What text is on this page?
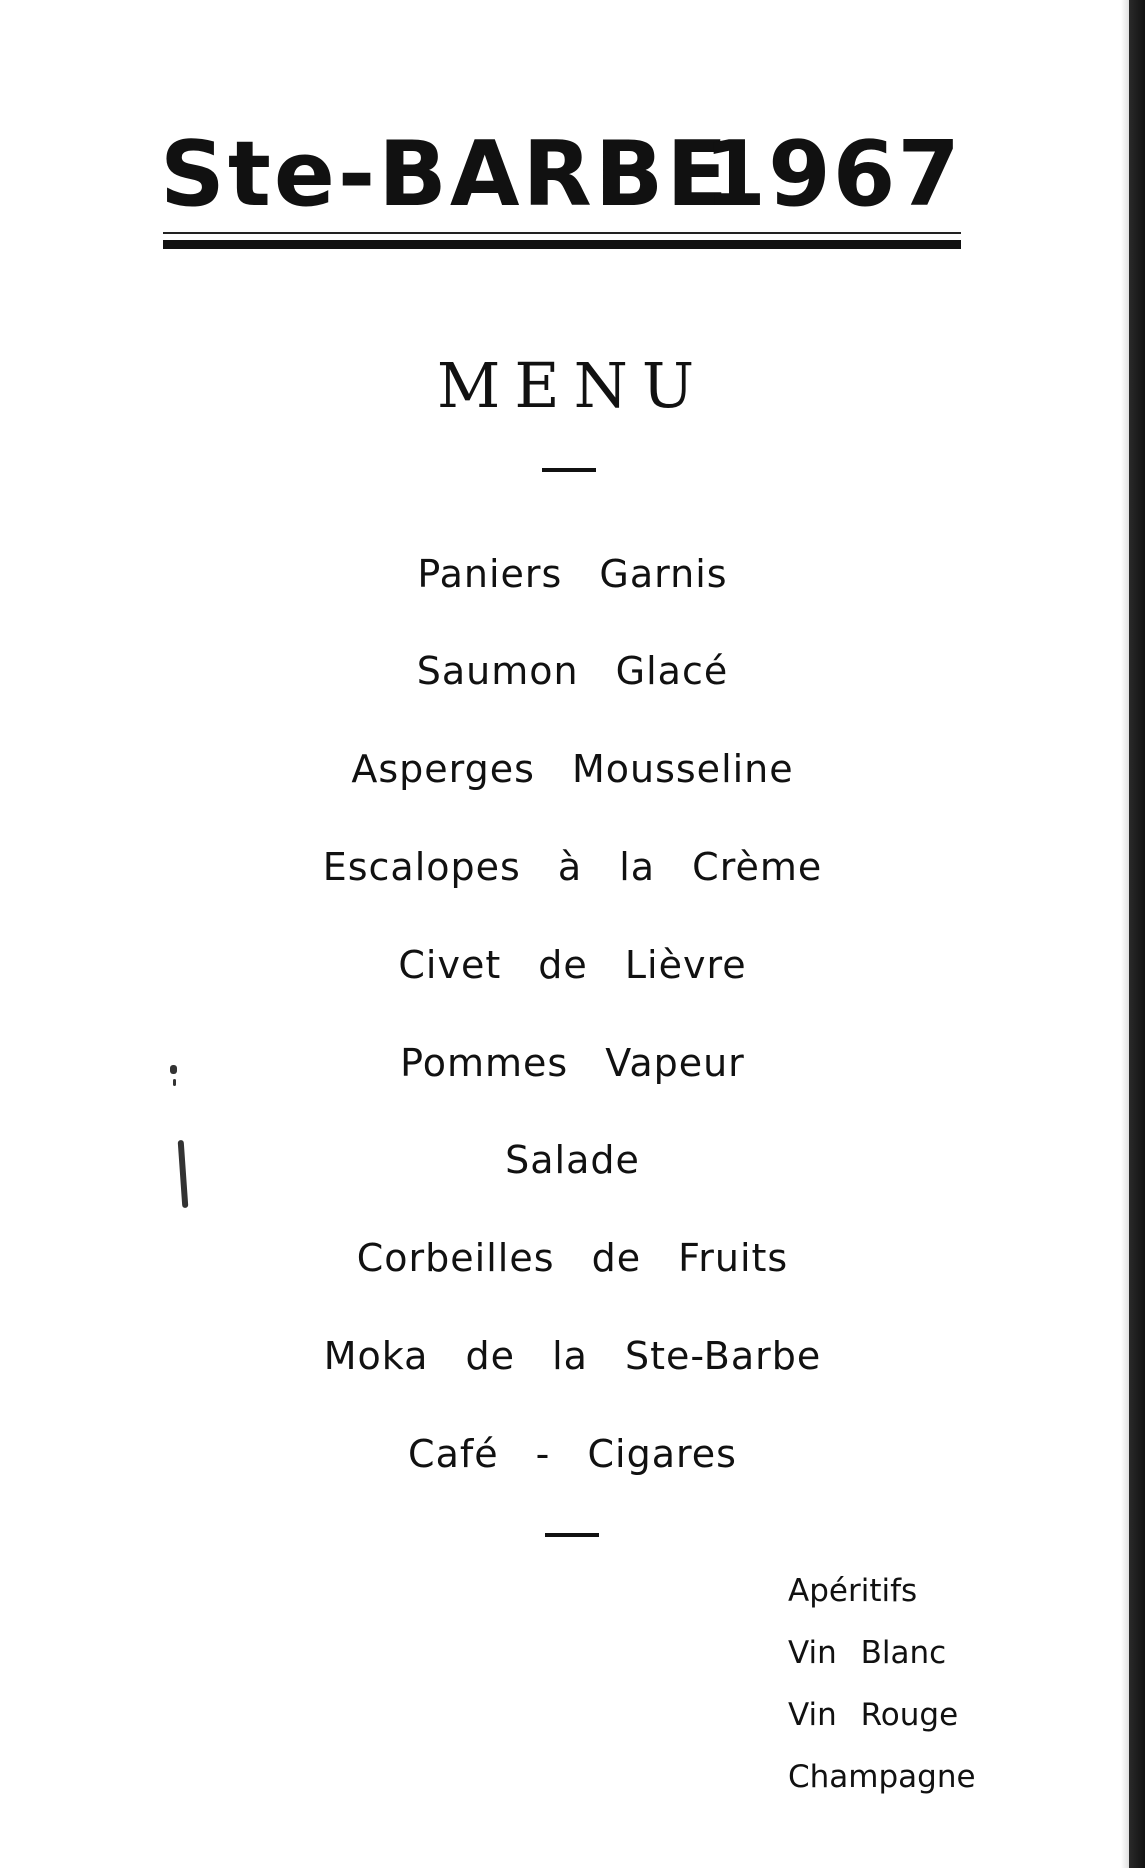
Ste-BARBE
1967
MENU
Paniers Garnis
Saumon Glacé
Asperges Mousseline
Escalopes à la Crème
Civet de Lièvre
Pommes Vapeur
Salade
Corbeilles de Fruits
Moka de la Ste-Barbe
Café - Cigares
Apéritifs
Vin Blanc
Vin Rouge
Champagne
